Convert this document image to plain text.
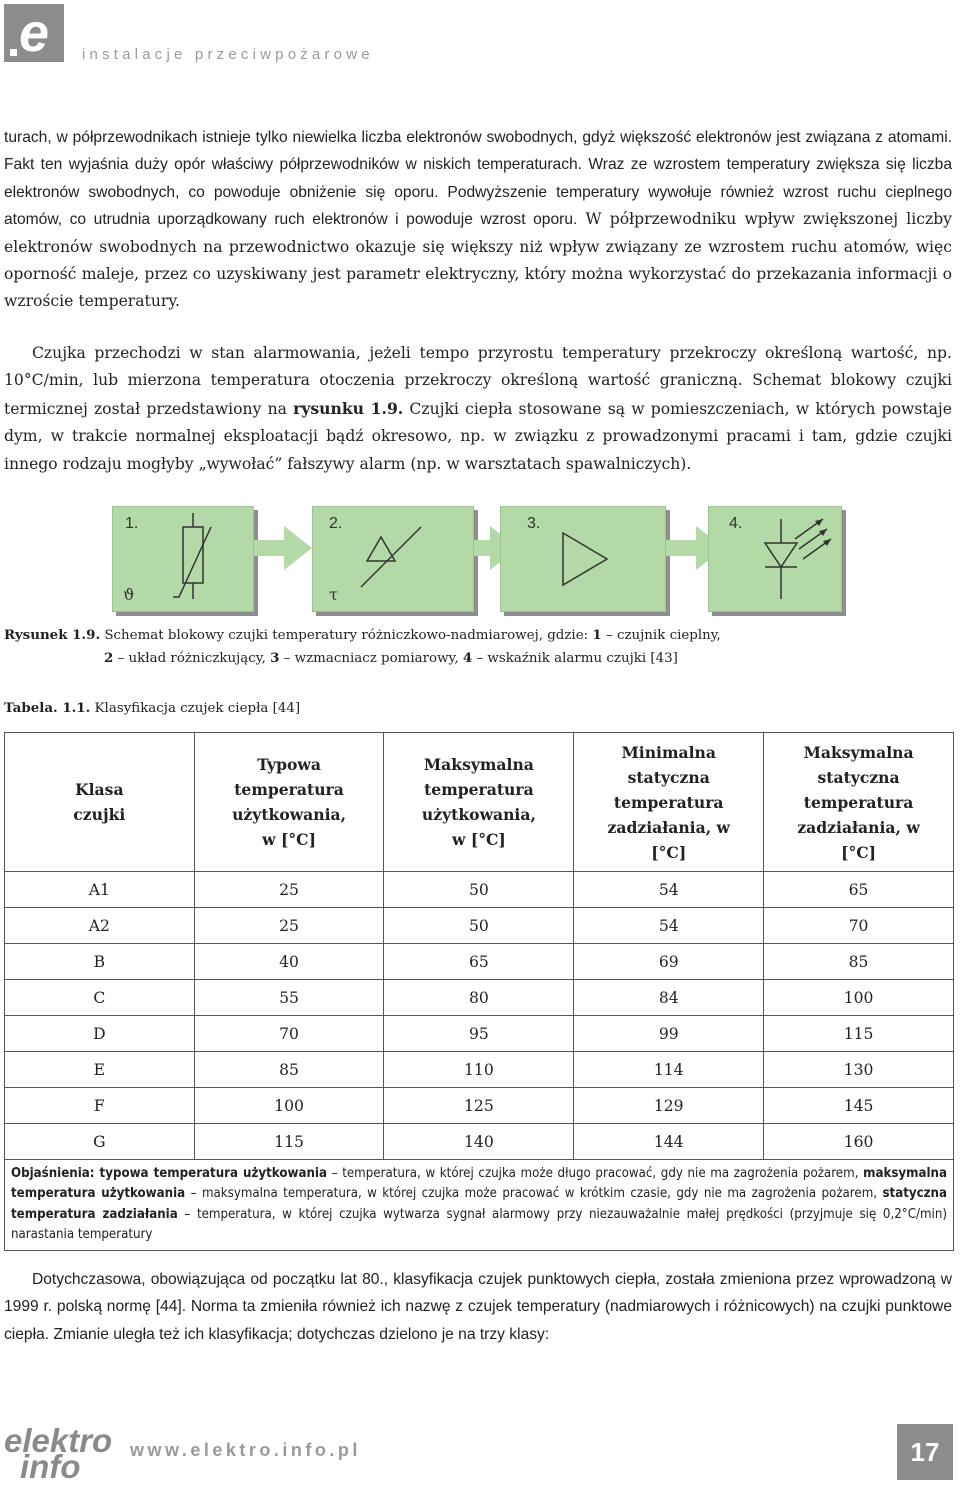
e instalacje przeciwpożarowe

turach, w półprzewodnikach istnieje tylko niewielka liczba elektronów swobodnych, gdyż większość elektronów jest związana z atomami. Fakt ten wyjaśnia duży opór właściwy półprzewodników w niskich temperaturach. Wraz ze wzrostem temperatury zwiększa się liczba elektronów swobodnych, co powoduje obniżenie się oporu. Podwyższenie temperatury wywołuje również wzrost ruchu cieplnego atomów, co utrudnia uporządkowany ruch elektronów i powoduje wzrost oporu. W półprzewodniku wpływ zwiększonej liczby elektronów swobodnych na przewodnictwo okazuje się większy niż wpływ związany ze wzrostem ruchu atomów, więc oporność maleje, przez co uzyskiwany jest parametr elektryczny, który można wykorzystać do przekazania informacji o wzroście temperatury.

Czujka przechodzi w stan alarmowania, jeżeli tempo przyrostu temperatury przekroczy określoną wartość, np. 10°C/min, lub mierzona temperatura otoczenia przekroczy określoną wartość graniczną. Schemat blokowy czujki termicznej został przedstawiony na rysunku 1.9. Czujki ciepła stosowane są w pomieszczeniach, w których powstaje dym, w trakcie normalnej eksploatacji bądź okresowo, np. w związku z prowadzonymi pracami i tam, gdzie czujki innego rodzaju mogłyby „wywołać” fałszywy alarm (np. w warsztatach spawalniczych).

1.
ϑ
2.
τ
3.	4.
Rysunek 1.9. Schemat blokowy czujki temperatury różniczkowo-nadmiarowej, gdzie: 1 – czujnik cieplny,
2 – układ różniczkujący, 3 – wzmacniacz pomiarowy, 4 – wskaźnik alarmu czujki [43]
Tabela. 1.1. Klasyfikacja czujek ciepła [44]
Klasa czujki	Typowa temperatura użytkowania, w [°C]	Maksymalna temperatura użytkowania, w [°C]	Minimalna statyczna temperatura zadziałania, w [°C]	Maksymalna statyczna temperatura zadziałania, w [°C]
A1	25	50	54	65
A2	25	50	54	70
B	40	65	69	85
C	55	80	84	100
D	70	95	99	115
E	85	110	114	130
F	100	125	129	145
G	115	140	144	160
Objaśnienia: typowa temperatura użytkowania – temperatura, w której czujka może długo pracować, gdy nie ma zagrożenia pożarem, maksymalna temperatura użytkowania – maksymalna temperatura, w której czujka może pracować w krótkim czasie, gdy nie ma zagrożenia pożarem, statyczna temperatura zadziałania – temperatura, w której czujka wytwarza sygnał alarmowy przy niezauważalnie małej prędkości (przyjmuje się 0,2°C/min) narastania temperatury				

Dotychczasowa, obowiązująca od początku lat 80., klasyfikacja czujek punktowych ciepła, została zmieniona przez wprowadzoną w 1999 r. polską normę [44]. Norma ta zmieniła również ich nazwę z czujek temperatury (nadmiarowych i różnicowych) na czujki punktowe ciepła. Zmianie uległa też ich klasyfikacja; dotychczas dzielono je na trzy klasy:

elektro
info	www.elektro.info.pl	17
